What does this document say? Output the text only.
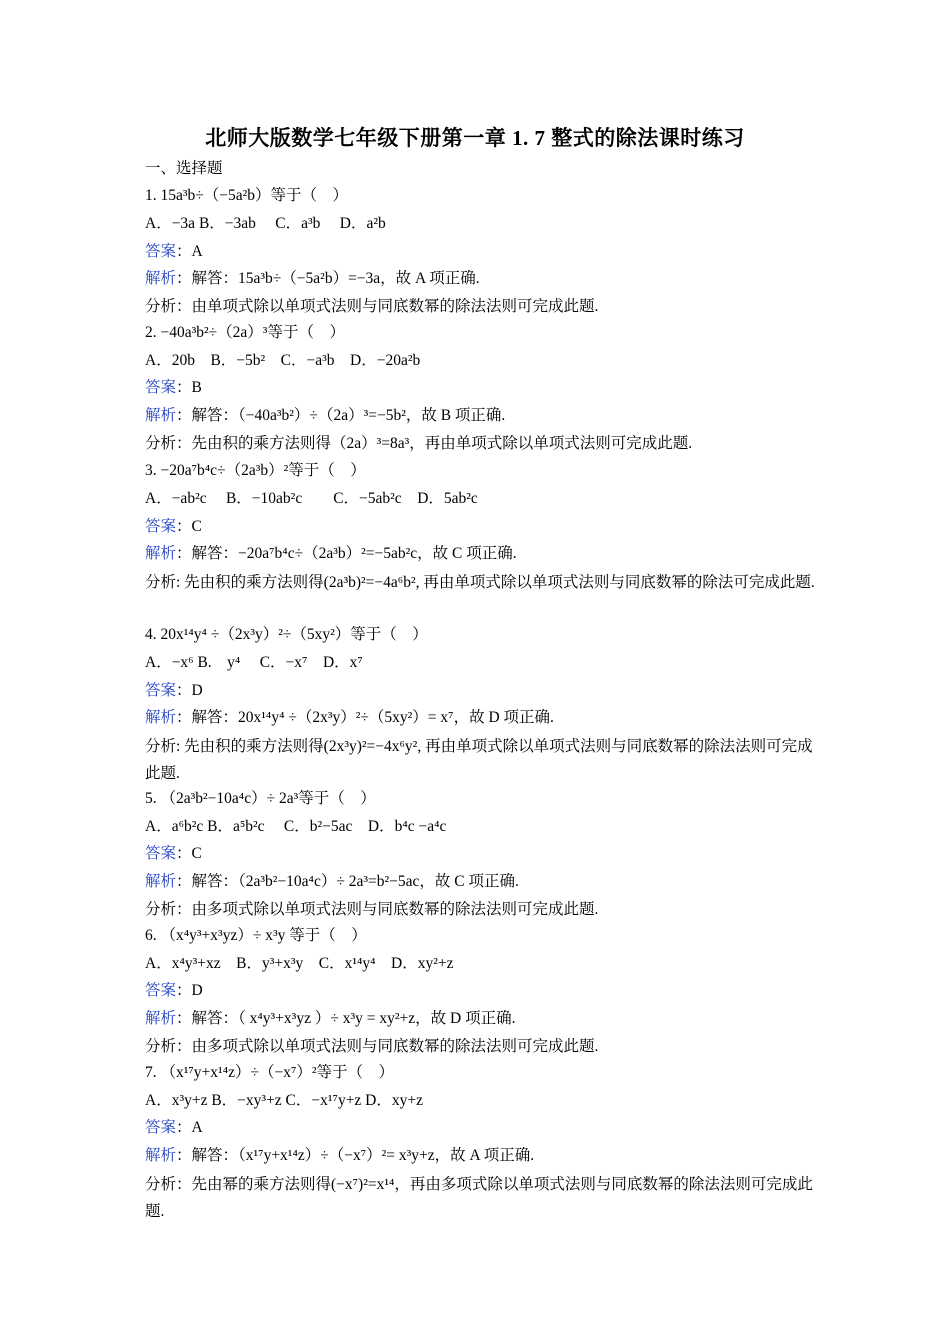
北师大版数学七年级下册第一章 1. 7 整式的除法课时练习
一、选择题
1. 15a³b÷（−5a²b）等于（　）
A．−3a B．−3ab　 C．a³b　 D．a²b
答案：A
解析：解答：15a³b÷（−5a²b）=−3a，故 A 项正确.
分析：由单项式除以单项式法则与同底数幂的除法法则可完成此题.
2. −40a³b²÷（2a）³等于（　）
A．20b　B．−5b²　C．−a³b　D．−20a²b
答案：B
解析：解答：（−40a³b²）÷（2a）³=−5b²，故 B 项正确.
分析：先由积的乘方法则得（2a）³=8a³，再由单项式除以单项式法则可完成此题.
3. −20a⁷b⁴c÷（2a³b）²等于（　）
A．−ab²c　 B．−10ab²c　　C．−5ab²c　D．5ab²c
答案：C
解析：解答：−20a⁷b⁴c÷（2a³b）²=−5ab²c，故 C 项正确.
分析: 先由积的乘方法则得(2a³b)²=−4a⁶b², 再由单项式除以单项式法则与同底数幂的除法可完成此题.
4. 20x¹⁴y⁴ ÷（2x³y）²÷（5xy²）等于（　）
A．−x⁶ B.　y⁴　 C．−x⁷　D．x⁷
答案：D
解析：解答：20x¹⁴y⁴ ÷（2x³y）²÷（5xy²）= x⁷，故 D 项正确.
分析: 先由积的乘方法则得(2x³y)²=−4x⁶y², 再由单项式除以单项式法则与同底数幂的除法法则可完成此题.
5. （2a³b²−10a⁴c）÷ 2a³等于（　）
A．a⁶b²c B．a⁵b²c　 C．b²−5ac　D．b⁴c −a⁴c
答案：C
解析：解答：（2a³b²−10a⁴c）÷ 2a³=b²−5ac，故 C 项正确.
分析：由多项式除以单项式法则与同底数幂的除法法则可完成此题.
6. （x⁴y³+x³yz）÷ x³y 等于（　）
A．x⁴y³+xz　B．y³+x³y　C．x¹⁴y⁴　D．xy²+z
答案：D
解析：解答：（ x⁴y³+x³yz ）÷ x³y = xy²+z，故 D 项正确.
分析：由多项式除以单项式法则与同底数幂的除法法则可完成此题.
7. （x¹⁷y+x¹⁴z）÷（−x⁷）²等于（　）
A．x³y+z B．−xy³+z C．−x¹⁷y+z D．xy+z
答案：A
解析：解答：（x¹⁷y+x¹⁴z）÷（−x⁷）²= x³y+z，故 A 项正确.
分析：先由幂的乘方法则得(−x⁷)²=x¹⁴，再由多项式除以单项式法则与同底数幂的除法法则可完成此题.
